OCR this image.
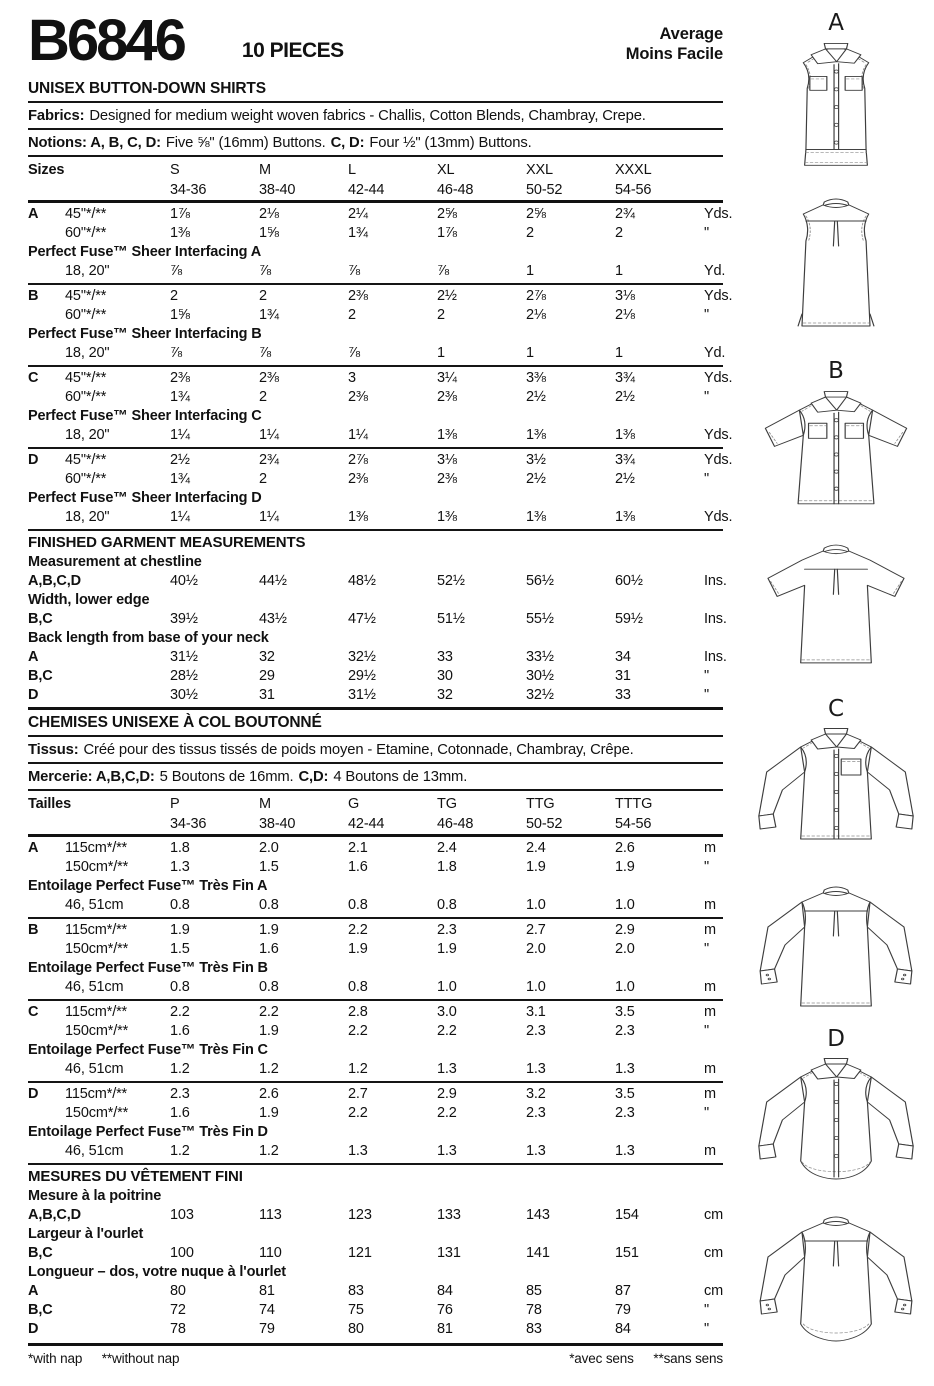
B6846	10 PIECES
Average
Moins Facile
UNISEX BUTTON-DOWN SHIRTS
Fabrics: Designed for medium weight woven fabrics - Challis, Cotton Blends, Chambray, Crepe.
Notions: A, B, C, D: Five ⅝" (16mm) Buttons. C, D: Four ½" (13mm) Buttons.
Sizes	S	M	L	XL	XXL	XXXL
34-36	38-40	42-44	46-48	50-52	54-56
A	45"*/**	1⅞	2⅛	2¼	2⅝	2⅝	2¾	Yds.
60"*/**	1⅜	1⅝	1¾	1⅞	2	2	"
Perfect Fuse™ Sheer Interfacing A
18, 20"	⅞	⅞	⅞	⅞	1	1	Yd.
B	45"*/**	2	2	2⅜	2½	2⅞	3⅛	Yds.
60"*/**	1⅝	1¾	2	2	2⅛	2⅛	"
Perfect Fuse™ Sheer Interfacing B
18, 20"	⅞	⅞	⅞	1	1	1	Yd.
C	45"*/**	2⅜	2⅜	3	3¼	3⅜	3¾	Yds.
60"*/**	1¾	2	2⅜	2⅜	2½	2½	"
Perfect Fuse™ Sheer Interfacing C
18, 20"	1¼	1¼	1¼	1⅜	1⅜	1⅜	Yds.
D	45"*/**	2½	2¾	2⅞	3⅛	3½	3¾	Yds.
60"*/**	1¾	2	2⅜	2⅜	2½	2½	"
Perfect Fuse™ Sheer Interfacing D
18, 20"	1¼	1¼	1⅜	1⅜	1⅜	1⅜	Yds.
FINISHED GARMENT MEASUREMENTS
Measurement at chestline
A,B,C,D	40½	44½	48½	52½	56½	60½	Ins.
Width, lower edge
B,C	39½	43½	47½	51½	55½	59½	Ins.
Back length from base of your neck
A	31½	32	32½	33	33½	34	Ins.
B,C	28½	29	29½	30	30½	31	"
D	30½	31	31½	32	32½	33	"
CHEMISES UNISEXE À COL BOUTONNÉ
Tissus: Créé pour des tissus tissés de poids moyen - Etamine, Cotonnade, Chambray, Crêpe.
Mercerie: A,B,C,D: 5 Boutons de 16mm. C,D: 4 Boutons de 13mm.
Tailles	P	M	G	TG	TTG	TTTG
34-36	38-40	42-44	46-48	50-52	54-56
A	115cm*/**	1.8	2.0	2.1	2.4	2.4	2.6	m
150cm*/**	1.3	1.5	1.6	1.8	1.9	1.9	"
Entoilage Perfect Fuse™ Très Fin A
46, 51cm	0.8	0.8	0.8	0.8	1.0	1.0	m
B	115cm*/**	1.9	1.9	2.2	2.3	2.7	2.9	m
150cm*/**	1.5	1.6	1.9	1.9	2.0	2.0	"
Entoilage Perfect Fuse™ Très Fin B
46, 51cm	0.8	0.8	0.8	1.0	1.0	1.0	m
C	115cm*/**	2.2	2.2	2.8	3.0	3.1	3.5	m
150cm*/**	1.6	1.9	2.2	2.2	2.3	2.3	"
Entoilage Perfect Fuse™ Très Fin C
46, 51cm	1.2	1.2	1.2	1.3	1.3	1.3	m
D	115cm*/**	2.3	2.6	2.7	2.9	3.2	3.5	m
150cm*/**	1.6	1.9	2.2	2.2	2.3	2.3	"
Entoilage Perfect Fuse™ Très Fin D
46, 51cm	1.2	1.2	1.3	1.3	1.3	1.3	m
MESURES DU VÊTEMENT FINI
Mesure à la poitrine
A,B,C,D	103	113	123	133	143	154	cm
Largeur à l'ourlet
B,C	100	110	121	131	141	151	cm
Longueur – dos, votre nuque à l'ourlet
A	80	81	83	84	85	87	cm
B,C	72	74	75	76	78	79	"
D	78	79	80	81	83	84	"
*with nap **without nap	*avec sens **sans sens
A
B
C
D
